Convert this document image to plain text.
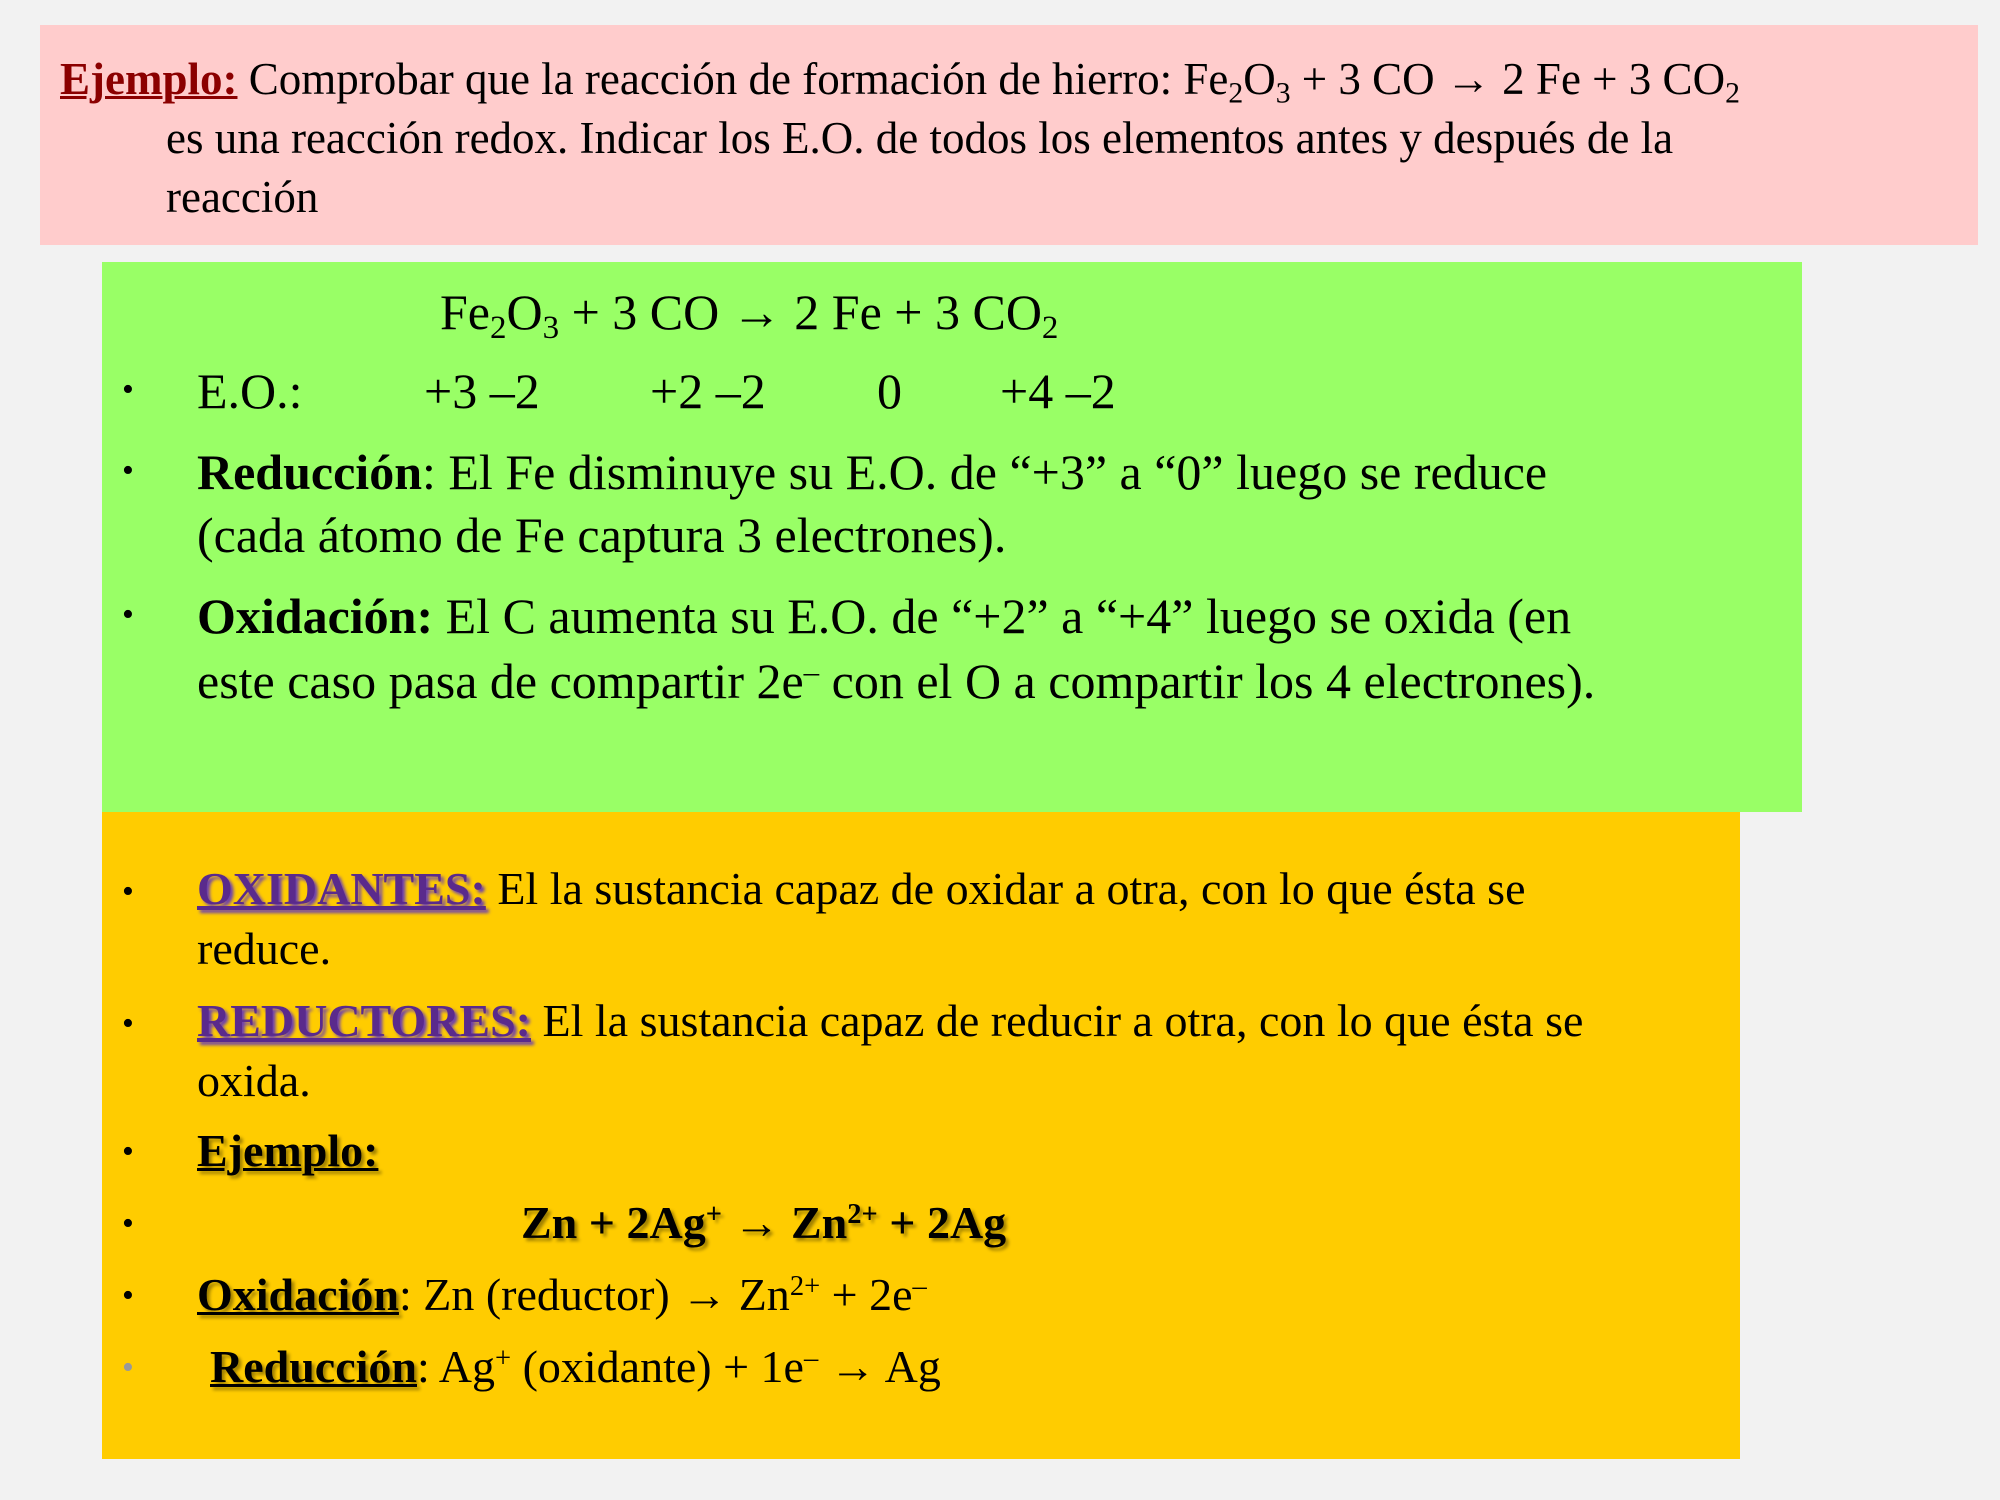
Ejemplo: Comprobar que la reacción de formación de hierro: $Fe_2O_3 + 3$ CO → 2 Fe + 3 $CO_2$
es una reacción redox. Indicar los E.O. de todos los elementos antes y después de la
reacción
$Fe_2O_3 + 3$ CO → 2 Fe + 3 $CO_2$
• E.O.: +3 –2 +2 –2 0 +4 –2
• Reducción: El Fe disminuye su E.O. de “+3” a “0” luego se reduce
(cada átomo de Fe captura 3 electrones).
• Oxidación: El C aumenta su E.O. de “+2” a “+4” luego se oxida (en
este caso pasa de compartir 2e– con el O a compartir los 4 electrones).
• OXIDANTES: El la sustancia capaz de oxidar a otra, con lo que ésta se
reduce.
• REDUCTORES: El la sustancia capaz de reducir a otra, con lo que ésta se
oxida.
• Ejemplo:
•	$Zn + 2Ag^+ \to Zn^{2+} + 2Ag$
• Oxidación: Zn (reductor) → $Zn^{2+} + 2e^-$
• Reducción: Ag+ (oxidante) + 1e– → Ag
